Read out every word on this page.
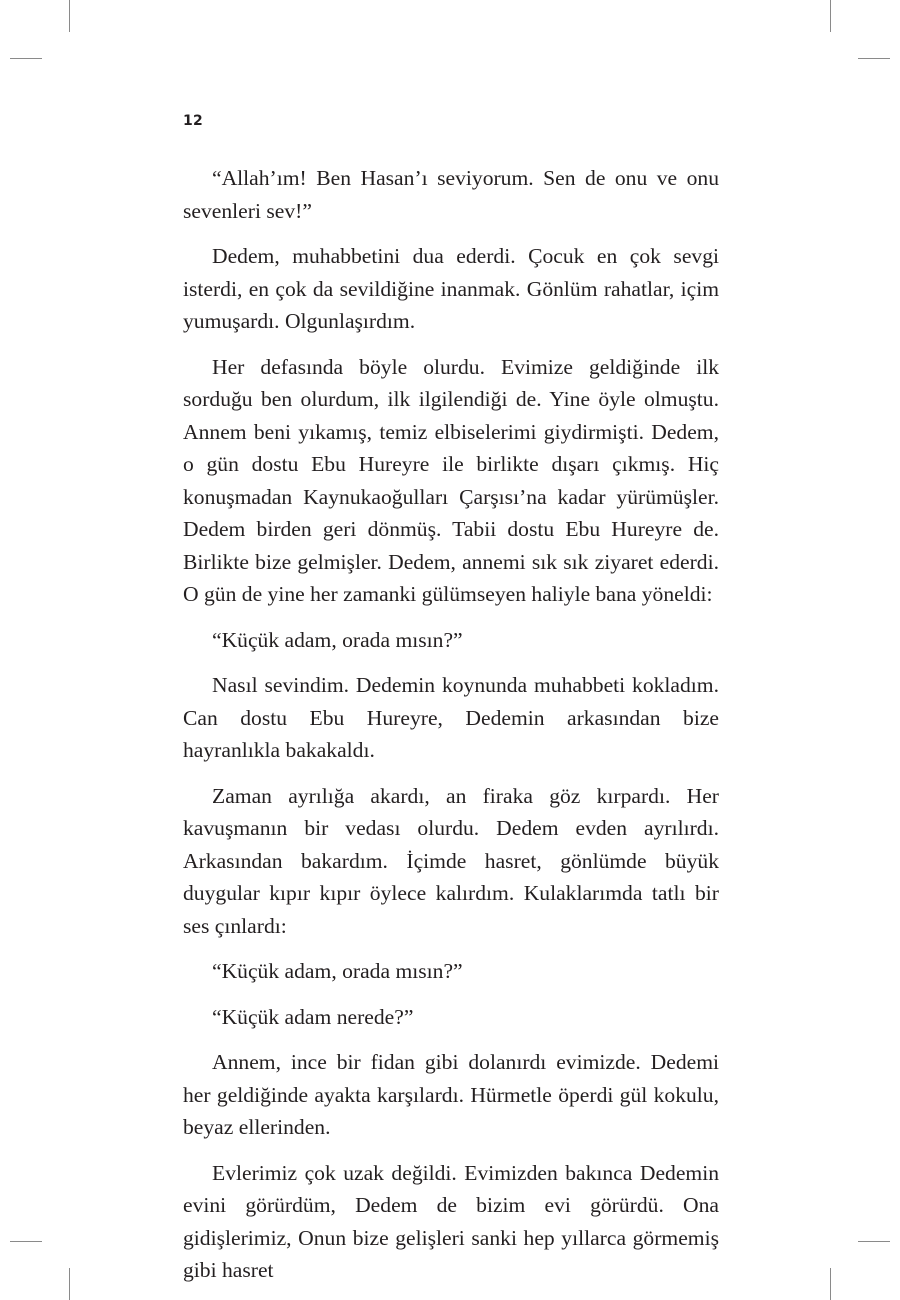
12

“Allah’ım! Ben Hasan’ı seviyorum. Sen de onu ve onu sevenleri sev!”

Dedem, muhabbetini dua ederdi. Çocuk en çok sevgi isterdi, en çok da sevildiğine inanmak. Gönlüm rahatlar, içim yumuşardı. Olgunlaşırdım.

Her defasında böyle olurdu. Evimize geldiğinde ilk sorduğu ben olurdum, ilk ilgilendiği de. Yine öyle olmuştu. Annem beni yıkamış, temiz elbiselerimi giydirmişti. Dedem, o gün dostu Ebu Hureyre ile birlikte dışarı çıkmış. Hiç konuşmadan Kaynukaoğulları Çarşısı’na kadar yürümüşler. Dedem birden geri dönmüş. Tabii dostu Ebu Hureyre de. Birlikte bize gelmişler. Dedem, annemi sık sık ziyaret ederdi. O gün de yine her zamanki gülümseyen haliyle bana yöneldi:

“Küçük adam, orada mısın?”

Nasıl sevindim. Dedemin koynunda muhabbeti kokladım. Can dostu Ebu Hureyre, Dedemin arkasından bize hayranlıkla bakakaldı.

Zaman ayrılığa akardı, an firaka göz kırpardı. Her kavuşmanın bir vedası olurdu. Dedem evden ayrılırdı. Arkasından bakardım. İçimde hasret, gönlümde büyük duygular kıpır kıpır öylece kalırdım. Kulaklarımda tatlı bir ses çınlardı:

“Küçük adam, orada mısın?”

“Küçük adam nerede?”

Annem, ince bir fidan gibi dolanırdı evimizde. Dedemi her geldiğinde ayakta karşılardı. Hürmetle öperdi gül kokulu, beyaz ellerinden.

Evlerimiz çok uzak değildi. Evimizden bakınca Dedemin evini görürdüm, Dedem de bizim evi görürdü. Ona gidişlerimiz, Onun bize gelişleri sanki hep yıllarca görmemiş gibi hasret
